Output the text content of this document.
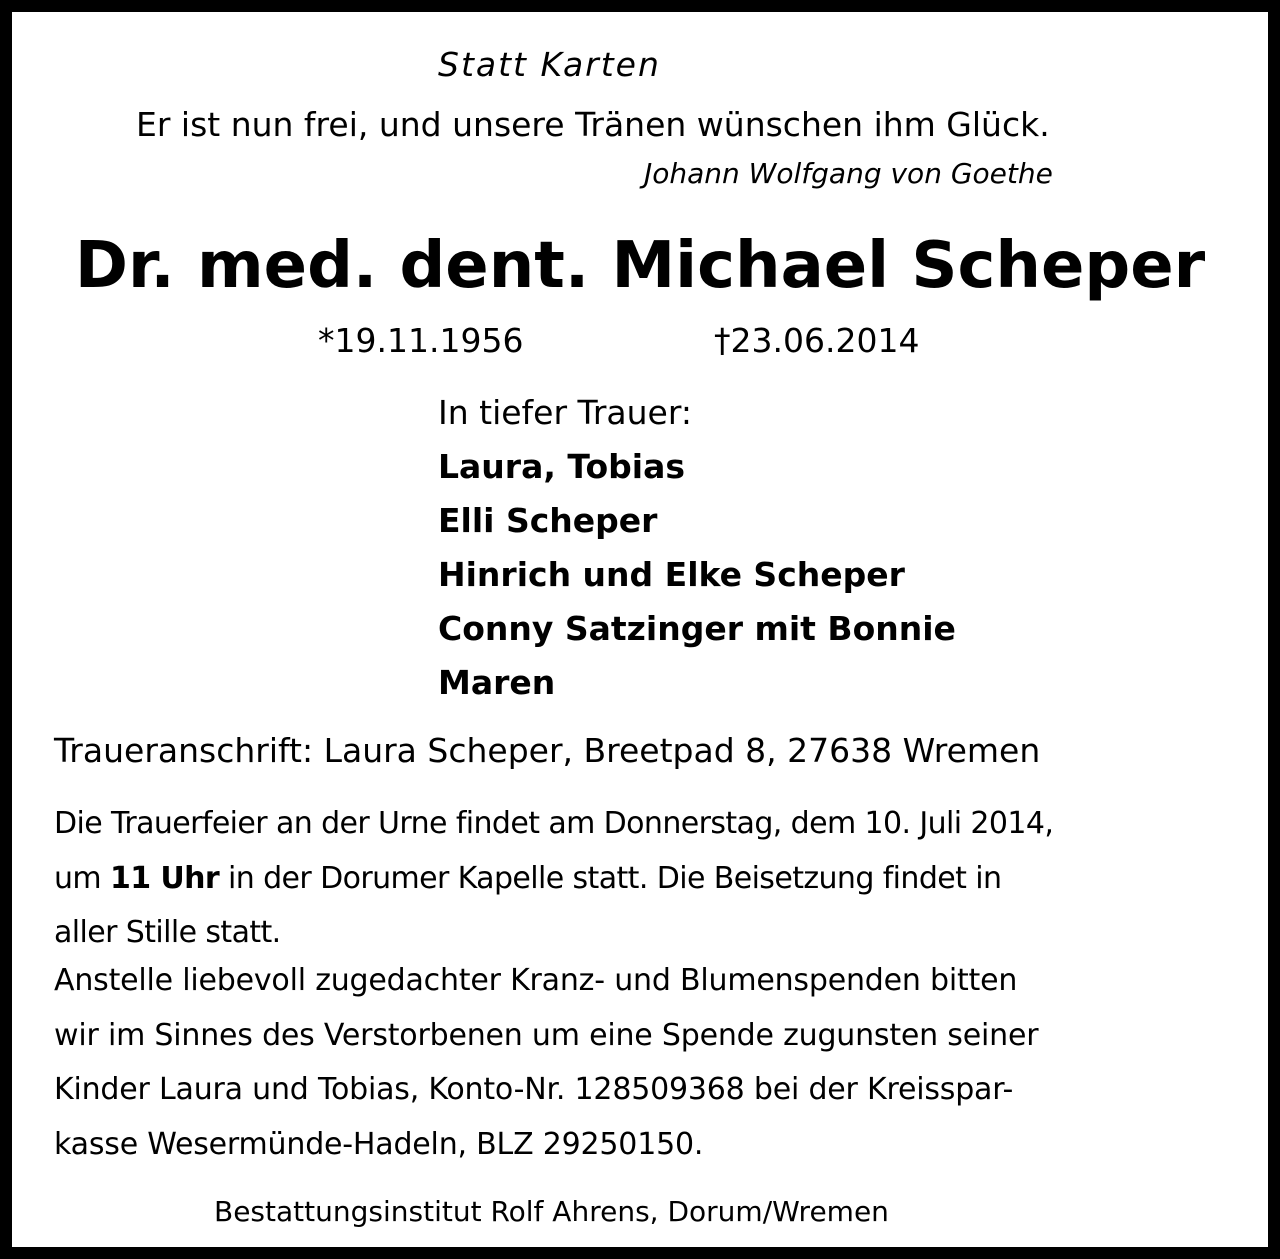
Statt Karten

Er ist nun frei, und unsere Tränen wünschen ihm Glück.

Johann Wolfgang von Goethe

Dr. med. dent. Michael Scheper

*19.11.1956	†23.06.2014

In tiefer Trauer:

Laura, Tobias

Elli Scheper

Hinrich und Elke Scheper

Conny Satzinger mit Bonnie

Maren

Traueranschrift: Laura Scheper, Breetpad 8, 27638 Wremen

Die Trauerfeier an der Urne findet am Donnerstag, dem 10. Juli 2014,
um 11 Uhr in der Dorumer Kapelle statt. Die Beisetzung findet in
aller Stille statt.
Anstelle liebevoll zugedachter Kranz- und Blumenspenden bitten
wir im Sinnes des Verstorbenen um eine Spende zugunsten seiner
Kinder Laura und Tobias, Konto-Nr. 128509368 bei der Kreisspar-
kasse Wesermünde-Hadeln, BLZ 29250150.

Bestattungsinstitut Rolf Ahrens, Dorum/Wremen
